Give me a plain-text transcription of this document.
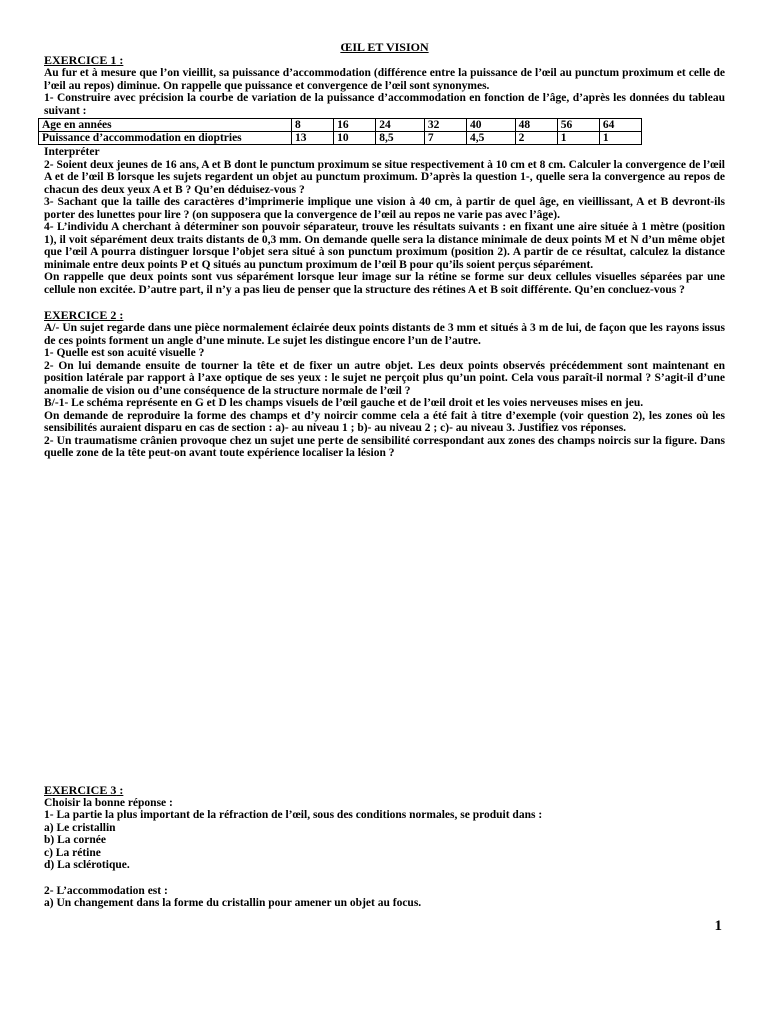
ŒIL ET VISION
EXERCICE 1 :

Au fur et à mesure que l’on vieillit, sa puissance d’accommodation (différence entre la puissance de l’œil au punctum proximum et celle de l’œil au repos) diminue. On rappelle que puissance et convergence de l’œil sont synonymes.

1- Construire avec précision la courbe de variation de la puissance d’accommodation en fonction de l’âge, d’après les données du tableau suivant :

Age en années	8	16	24	32	40	48	56	64
Puissance d’accommodation en dioptries	13	10	8,5	7	4,5	2	1	1

Interpréter

2- Soient deux jeunes de 16 ans, A et B dont le punctum proximum se situe respectivement à 10 cm et 8 cm. Calculer la convergence de l’œil A et de l’œil B lorsque les sujets regardent un objet au punctum proximum. D’après la question 1-, quelle sera la convergence au repos de chacun des deux yeux A et B ? Qu’en déduisez-vous ?

3- Sachant que la taille des caractères d’imprimerie implique une vision à 40 cm, à partir de quel âge, en vieillissant, A et B devront-ils porter des lunettes pour lire ? (on supposera que la convergence de l’œil au repos ne varie pas avec l’âge).

4- L’individu A cherchant à déterminer son pouvoir séparateur, trouve les résultats suivants : en fixant une aire située à 1 mètre (position 1), il voit séparément deux traits distants de 0,3 mm. On demande quelle sera la distance minimale de deux points M et N d’un même objet que l’œil A pourra distinguer lorsque l’objet sera situé à son punctum proximum (position 2). A partir de ce résultat, calculez la distance minimale entre deux points P et Q situés au punctum proximum de l’œil B pour qu’ils soient perçus séparément.

On rappelle que deux points sont vus séparément lorsque leur image sur la rétine se forme sur deux cellules visuelles séparées par une cellule non excitée. D’autre part, il n’y a pas lieu de penser que la structure des rétines A et B soit différente. Qu’en concluez-vous ?

EXERCICE 2 :

A/- Un sujet regarde dans une pièce normalement éclairée deux points distants de 3 mm et situés à 3 m de lui, de façon que les rayons issus de ces points forment un angle d’une minute. Le sujet les distingue encore l’un de l’autre.

1- Quelle est son acuité visuelle ?

2- On lui demande ensuite de tourner la tête et de fixer un autre objet. Les deux points observés précédemment sont maintenant en position latérale par rapport à l’axe optique de ses yeux : le sujet ne perçoit plus qu’un point. Cela vous paraît-il normal ? S’agit-il d’une anomalie de vision ou d’une conséquence de la structure normale de l’œil ?

B/-1- Le schéma représente en G et D les champs visuels de l’œil gauche et de l’œil droit et les voies nerveuses mises en jeu.

On demande de reproduire la forme des champs et d’y noircir comme cela a été fait à titre d’exemple (voir question 2), les zones où les sensibilités auraient disparu en cas de section : a)- au niveau 1 ; b)- au niveau 2 ; c)- au niveau 3. Justifiez vos réponses.

2- Un traumatisme crânien provoque chez un sujet une perte de sensibilité correspondant aux zones des champs noircis sur la figure. Dans quelle zone de la tête peut-on avant toute expérience localiser la lésion ?

EXERCICE 3 :

Choisir la bonne réponse :

1- La partie la plus important de la réfraction de l’œil, sous des conditions normales, se produit dans :

a) Le cristallin

b) La cornée

c) La rétine

d) La sclérotique.

2- L’accommodation est :

a) Un changement dans la forme du cristallin pour amener un objet au focus.

1
